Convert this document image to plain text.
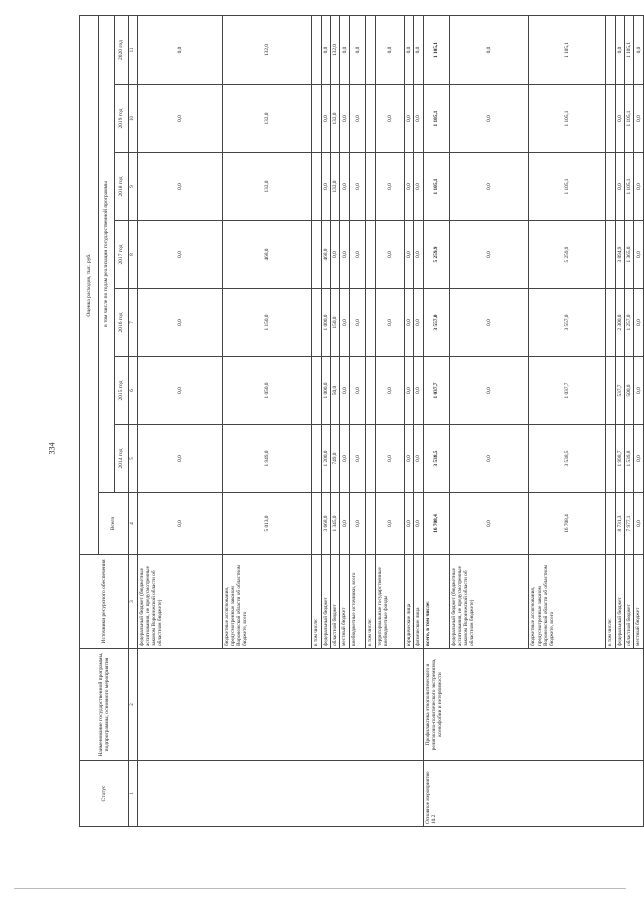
334
Статус	Наименование государственной программы, подпрограммы, основного мероприятия	Источники ресурсного обеспечения	Оценка расходов, тыс. руб.							
			Всего	в том числе по годам реализации государственной программы						
				2014 год	2015 год	2016 год	2017 год	2018 год	2019 год	2020 год
1	2	3	4	5	6	7	8	9	10	11
		федеральный бюджет (бюджетные ассигнования, не предусмотренные законом Воронежской области об областном бюджете)	0,0	0,0	0,0	0,0	0,0	0,0	0,0	0,0
		бюджетные ассигнования, предусмотренные законом Воронежской области об областном бюджете, всего	5 013,0	1 949,0	1 050,0	1 150,0	468,0	132,0	132,0	132,0
		в том числе:								
		федеральный бюджет	3 668,0	1 200,0	1 000,0	1 000,0	468,0	0,0	0,0	0,0
		областной бюджет	1 345,0	749,0	50,0	150,0	0,0	132,0	132,0	132,0
		местный бюджет	0,0	0,0	0,0	0,0	0,0	0,0	0,0	0,0
		внебюджетные источники, всего	0,0	0,0	0,0	0,0	0,0	0,0	0,0	0,0
		в том числе:								
		территориальные государственные внебюджетные фонды	0,0	0,0	0,0	0,0	0,0	0,0	0,0	0,0
		юридические лица	0,0	0,0	0,0	0,0	0,0	0,0	0,0	0,0
		физические лица	0,0	0,0	0,0	0,0	0,0	0,0	0,0	0,0
Основное мероприятие 10.2	Профилактика этнополитического и религиозно-политического экстремизма, ксенофобии и нетерпимости	всего, в том числе:	16 708,4	3 538,5	1 037,7	3 557,0	5 259,9	1 105,1	1 105,1	1 105,1
		федеральный бюджет (бюджетные ассигнования, не предусмотренные законом Воронежской области об областном бюджете)	0,0	0,0	0,0	0,0	0,0	0,0	0,0	0,0
		бюджетные ассигнования, предусмотренные законом Воронежской области об областном бюджете, всего	16 708,4	3 538,5	1 037,7	3 557,0	5 259,9	1 105,1	1 105,1	1 105,1
		в том числе:								
		федеральный бюджет	8 731,3	1 998,7	537,7	2 300,0	3 894,9	0,0	0,0	0,0
		областной бюджет	7 977,1	1 539,8	500,0	1 257,0	1 365,0	1 105,1	1 105,1	1 105,1
		местный бюджет	0,0	0,0	0,0	0,0	0,0	0,0	0,0	0,0
